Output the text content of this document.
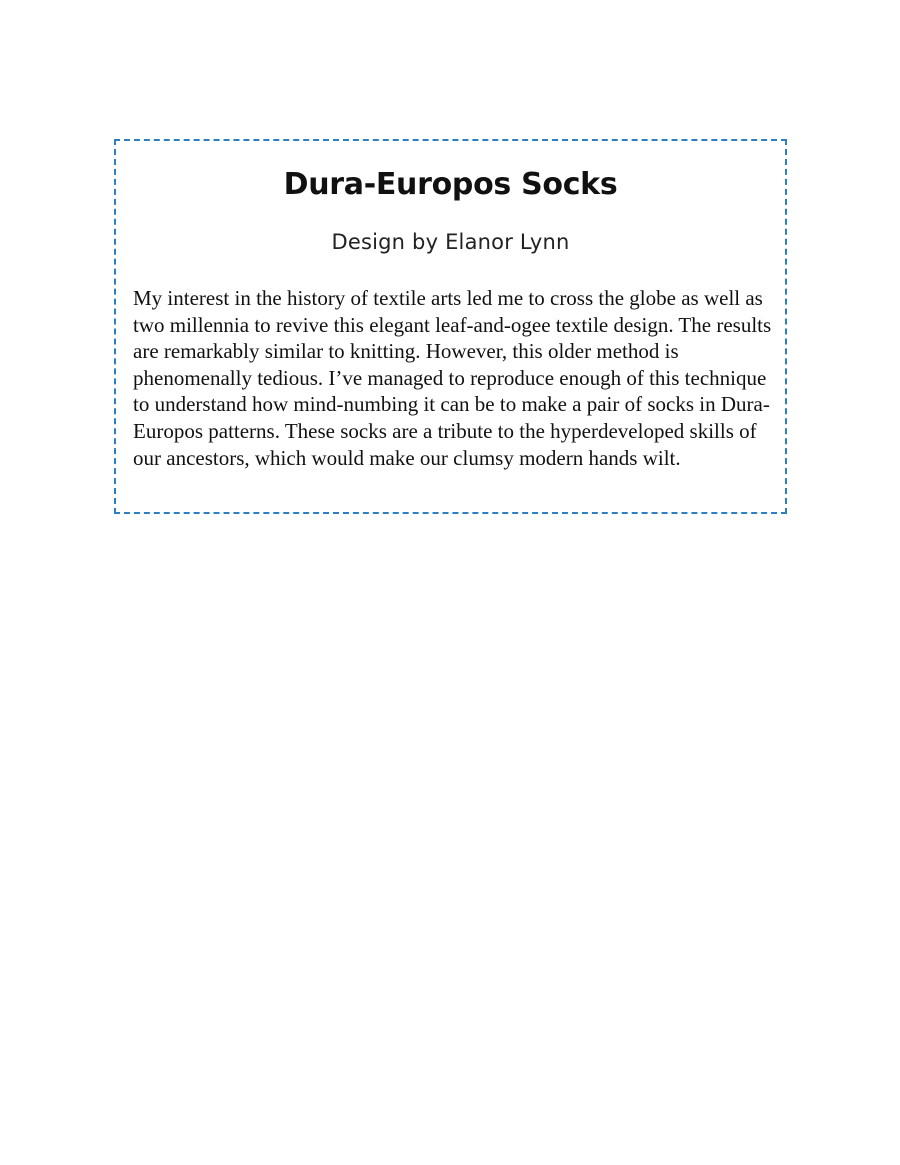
Dura-Europos Socks
Design by Elanor Lynn

My interest in the history of textile arts led me to cross the globe as well as two millennia to revive this elegant leaf-and-ogee textile design. The results are remarkably similar to knitting. However, this older method is phenomenally tedious. I’ve managed to reproduce enough of this technique to understand how mind-numbing it can be to make a pair of socks in Dura-Europos patterns. These socks are a tribute to the hyperdeveloped skills of our ancestors, which would make our clumsy modern hands wilt.
